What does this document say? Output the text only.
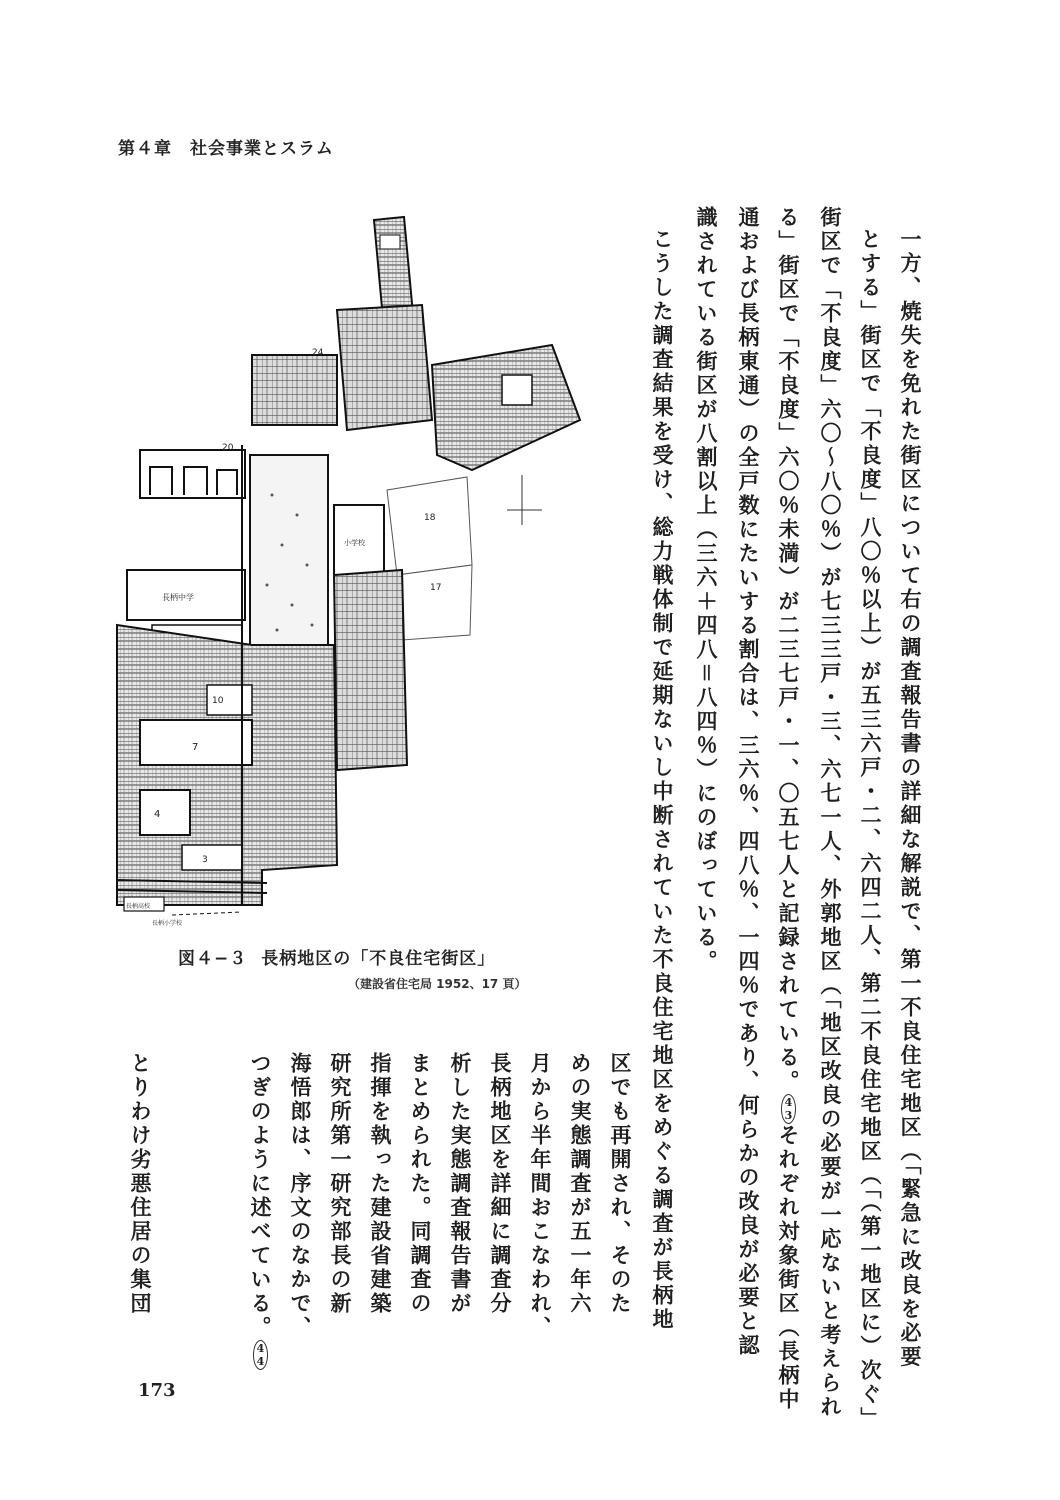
第４章 社会事業とスラム
一方、焼失を免れた街区について右の調査報告書の詳細な解説で、第一不良住宅地区（「緊急に改良を必要
とする」街区で「不良度」八〇％以上）が五三六戸・二、六四二人、第二不良住宅地区（「（第一地区に）次ぐ」
街区で「不良度」六〇〜八〇％）が七三三戸・三、六七一人、外郭地区（「地区改良の必要が一応ないと考えられ
る」街区で「不良度」六〇％未満）が二三七戸・一、〇五七人と記録されている。43それぞれ対象街区（長柄中
通および長柄東通）の全戸数にたいする割合は、三六％、四八％、一四％であり、何らかの改良が必要と認
識されている街区が八割以上（三六＋四八＝八四％）にのぼっている。
こうした調査結果を受け、総力戦体制で延期ないし中断されていた不良住宅地区をめぐる調査が長柄地
区でも再開され、そのた
めの実態調査が五一年六
月から半年間おこなわれ、
長柄地区を詳細に調査分
析した実態調査報告書が
まとめられた。同調査の
指揮を執った建設省建築
研究所第一研究部長の新
海悟郎は、序文のなかで、
つぎのように述べている。44
とりわけ劣悪住居の集団
24
20
18
17
小学校
長柄中学
10
7
4
3
長柄高校
長柄小学校
図４−３ 長柄地区の「不良住宅街区」
（建設省住宅局 1952、17 頁）
173
